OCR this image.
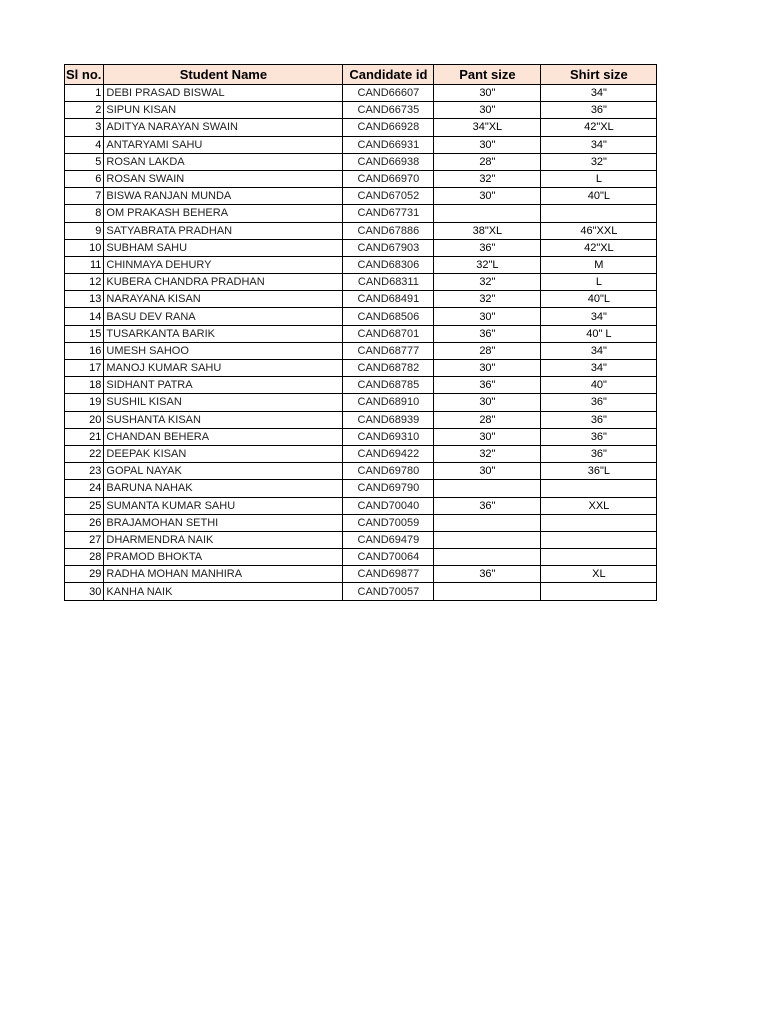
Sl no.	Student Name	Candidate id	Pant size	Shirt size
1	DEBI PRASAD BISWAL	CAND66607	30"	34"
2	SIPUN KISAN	CAND66735	30"	36"
3	ADITYA NARAYAN SWAIN	CAND66928	34"XL	42"XL
4	ANTARYAMI SAHU	CAND66931	30"	34"
5	ROSAN LAKDA	CAND66938	28"	32"
6	ROSAN SWAIN	CAND66970	32"	L
7	BISWA RANJAN MUNDA	CAND67052	30"	40"L
8	OM PRAKASH BEHERA	CAND67731		
9	SATYABRATA PRADHAN	CAND67886	38"XL	46"XXL
10	SUBHAM SAHU	CAND67903	36"	42"XL
11	CHINMAYA DEHURY	CAND68306	32"L	M
12	KUBERA CHANDRA PRADHAN	CAND68311	32"	L
13	NARAYANA KISAN	CAND68491	32"	40"L
14	BASU DEV RANA	CAND68506	30"	34"
15	TUSARKANTA BARIK	CAND68701	36"	40" L
16	UMESH SAHOO	CAND68777	28"	34"
17	MANOJ KUMAR SAHU	CAND68782	30"	34"
18	SIDHANT PATRA	CAND68785	36"	40"
19	SUSHIL KISAN	CAND68910	30"	36"
20	SUSHANTA KISAN	CAND68939	28"	36"
21	CHANDAN BEHERA	CAND69310	30"	36"
22	DEEPAK KISAN	CAND69422	32"	36"
23	GOPAL NAYAK	CAND69780	30"	36"L
24	BARUNA NAHAK	CAND69790		
25	SUMANTA KUMAR SAHU	CAND70040	36"	XXL
26	BRAJAMOHAN SETHI	CAND70059		
27	DHARMENDRA NAIK	CAND69479		
28	PRAMOD BHOKTA	CAND70064		
29	RADHA MOHAN MANHIRA	CAND69877	36"	XL
30	KANHA NAIK	CAND70057		
